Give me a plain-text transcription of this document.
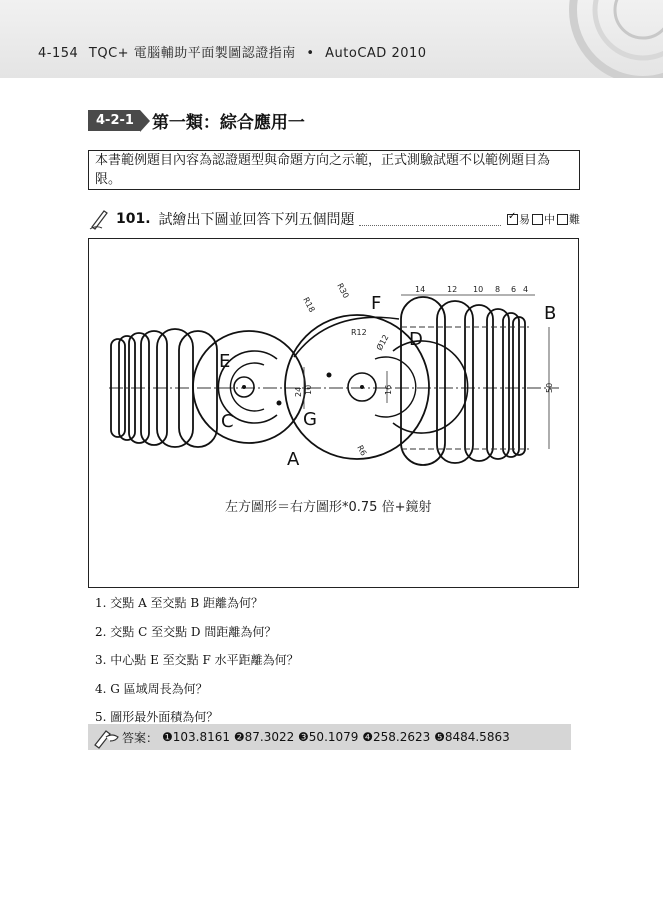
4-154 TQC+ 電腦輔助平面製圖認證指南 • AutoCAD 2010
4-2-1	第一類：綜合應用一
本書範例題目內容為認證題型與命題方向之示範，正式測驗試題不以範例題目為限。
101. 試繪出下圖並回答下列五個問題
✓	易 中 難
14	12 10 8 6 4
50
24 10	16
R18
R30
R12
R6
Ø12
A
B
C
D
E
F
G
左方圖形＝右方圖形*0.75 倍+鏡射
1. 交點 A 至交點 B 距離為何？
2. 交點 C 至交點 D 間距離為何？
3. 中心點 E 至交點 F 水平距離為何？
4. G 區域周長為何？
5. 圖形最外面積為何？
答案： ❶103.8161 ❷87.3022 ❸50.1079 ❹258.2623 ❺8484.5863
